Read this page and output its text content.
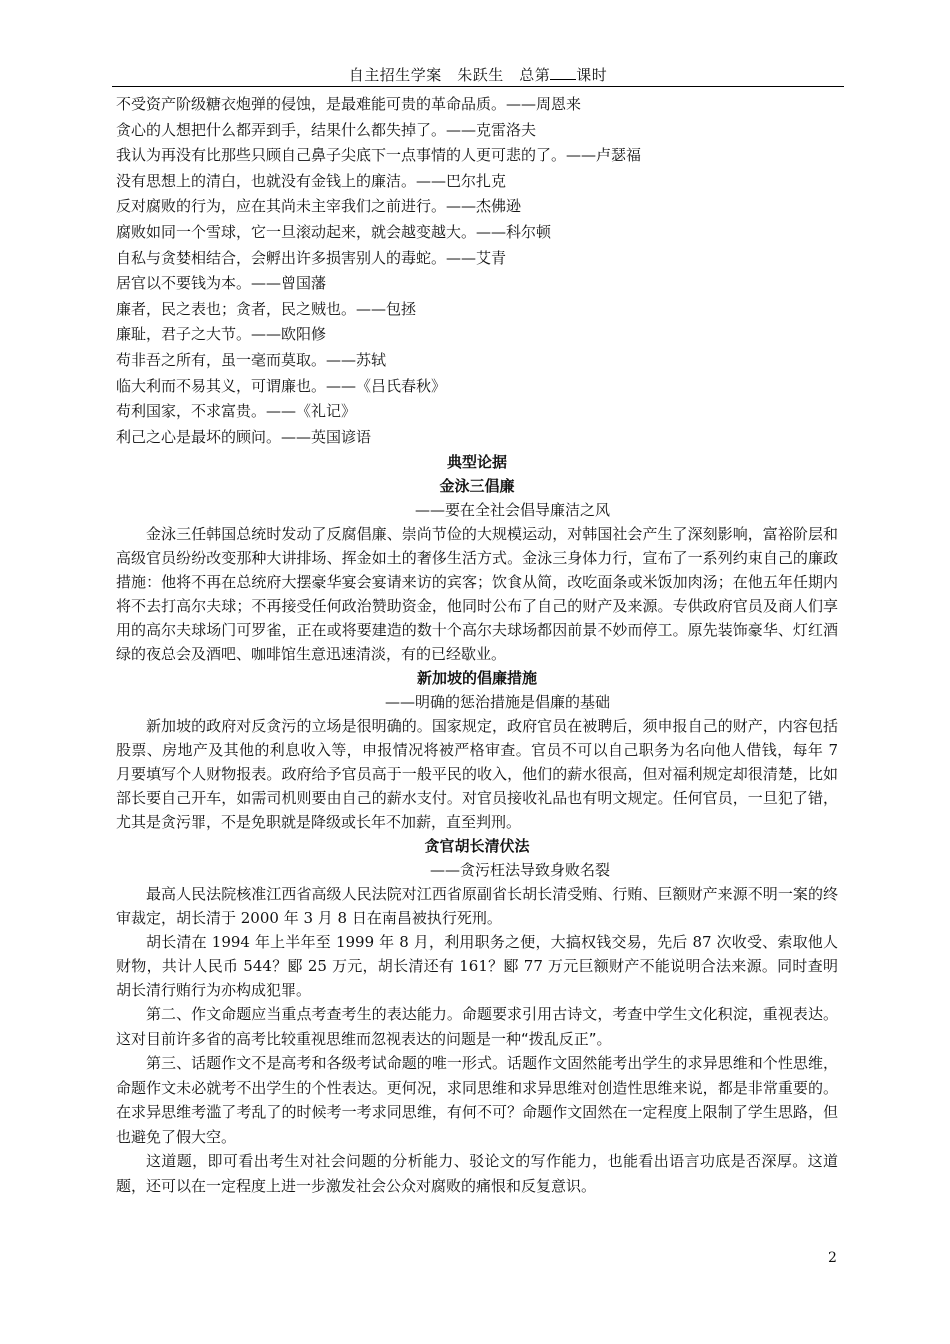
自主招生学案　朱跃生　总第 课时
不受资产阶级糖衣炮弹的侵蚀，是最难能可贵的革命品质。——周恩来
贪心的人想把什么都弄到手，结果什么都失掉了。——克雷洛夫
我认为再没有比那些只顾自己鼻子尖底下一点事情的人更可悲的了。——卢瑟福
没有思想上的清白，也就没有金钱上的廉洁。——巴尔扎克
反对腐败的行为，应在其尚未主宰我们之前进行。——杰佛逊
腐败如同一个雪球，它一旦滚动起来，就会越变越大。——科尔顿
自私与贪婪相结合，会孵出许多损害别人的毒蛇。——艾青
居官以不要钱为本。——曾国藩
廉者，民之表也；贪者，民之贼也。——包拯
廉耻，君子之大节。——欧阳修
苟非吾之所有，虽一毫而莫取。——苏轼
临大利而不易其义，可谓廉也。——《吕氏春秋》
苟利国家，不求富贵。——《礼记》
利己之心是最坏的顾问。——英国谚语
典型论据
金泳三倡廉
——要在全社会倡导廉洁之风

金泳三任韩国总统时发动了反腐倡廉、崇尚节俭的大规模运动，对韩国社会产生了深刻影响，富裕阶层和高级官员纷纷改变那种大讲排场、挥金如土的奢侈生活方式。金泳三身体力行，宣布了一系列约束自己的廉政措施：他将不再在总统府大摆豪华宴会宴请来访的宾客；饮食从简，改吃面条或米饭加肉汤；在他五年任期内将不去打高尔夫球；不再接受任何政治赞助资金，他同时公布了自己的财产及来源。专供政府官员及商人们享用的高尔夫球场门可罗雀，正在或将要建造的数十个高尔夫球场都因前景不妙而停工。原先装饰豪华、灯红酒绿的夜总会及酒吧、咖啡馆生意迅速清淡，有的已经歇业。

新加坡的倡廉措施
——明确的惩治措施是倡廉的基础

新加坡的政府对反贪污的立场是很明确的。国家规定，政府官员在被聘后，须申报自己的财产，内容包括股票、房地产及其他的利息收入等，申报情况将被严格审查。官员不可以自己职务为名向他人借钱，每年 7 月要填写个人财物报表。政府给予官员高于一般平民的收入，他们的薪水很高，但对福利规定却很清楚，比如部长要自己开车，如需司机则要由自己的薪水支付。对官员接收礼品也有明文规定。任何官员，一旦犯了错，尤其是贪污罪，不是免职就是降级或长年不加薪，直至判刑。

贪官胡长清伏法
——贪污枉法导致身败名裂

最高人民法院核准江西省高级人民法院对江西省原副省长胡长清受贿、行贿、巨额财产来源不明一案的终审裁定，胡长清于 2000 年 3 月 8 日在南昌被执行死刑。

胡长清在 1994 年上半年至 1999 年 8 月，利用职务之便，大搞权钱交易，先后 87 次收受、索取他人财物，共计人民币 544？郾 25 万元，胡长清还有 161？郾 77 万元巨额财产不能说明合法来源。同时查明胡长清行贿行为亦构成犯罪。

第二、作文命题应当重点考查考生的表达能力。命题要求引用古诗文，考查中学生文化积淀，重视表达。这对目前许多省的高考比较重视思维而忽视表达的问题是一种“拨乱反正”。

第三、话题作文不是高考和各级考试命题的唯一形式。话题作文固然能考出学生的求异思维和个性思维，命题作文未必就考不出学生的个性表达。更何况，求同思维和求异思维对创造性思维来说，都是非常重要的。在求异思维考滥了考乱了的时候考一考求同思维，有何不可？命题作文固然在一定程度上限制了学生思路，但也避免了假大空。

这道题，即可看出考生对社会问题的分析能力、驳论文的写作能力，也能看出语言功底是否深厚。这道题，还可以在一定程度上进一步激发社会公众对腐败的痛恨和反复意识。

2
